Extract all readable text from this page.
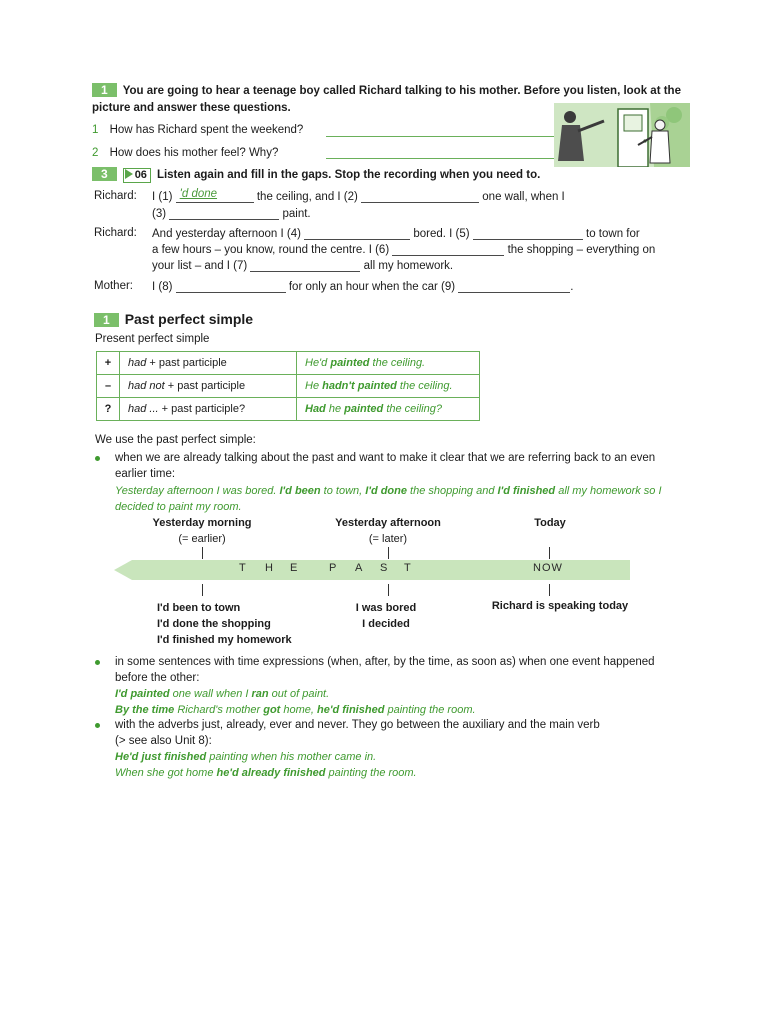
1 You are going to hear a teenage boy called Richard talking to his mother. Before you listen, look at the
picture and answer these questions.
1 How has Richard spent the weekend?
2 How does his mother feel? Why?
3 06 Listen again and fill in the gaps. Stop the recording when you need to.
Richard: I (1) 'd done	the ceiling, and I (2)	one wall, when I
(3)	paint.
Richard: And yesterday afternoon I (4)	bored. I (5)	to town for
a few hours – you know, round the centre. I (6)	the shopping – everything on
your list – and I (7)	all my homework.
Mother: I (8)	for only an hour when the car (9)	.
1 Past perfect simple
Present perfect simple
+	had + past participle	He'd painted the ceiling.
–	had not + past participle	He hadn't painted the ceiling.
?	had ... + past participle?	Had he painted the ceiling?
We use the past perfect simple:
when we are already talking about the past and want to make it clear that we are referring back to an even
earlier time:
Yesterday afternoon I was bored. I'd been to town, I'd done the shopping and I'd finished all my homework so I
decided to paint my room.
Yesterday morning
(= earlier)
Yesterday afternoon
(= later)
Today
T H E	P A S T	NOW
I'd been to town
I'd done the shopping
I'd finished my homework
I was bored
I decided
Richard is speaking today
in some sentences with time expressions (when, after, by the time, as soon as) when one event happened
before the other:
I'd painted one wall when I ran out of paint.
By the time Richard's mother got home, he'd finished painting the room.
with the adverbs just, already, ever and never. They go between the auxiliary and the main verb
(> see also Unit 8):
He'd just finished painting when his mother came in.
When she got home he'd already finished painting the room.
